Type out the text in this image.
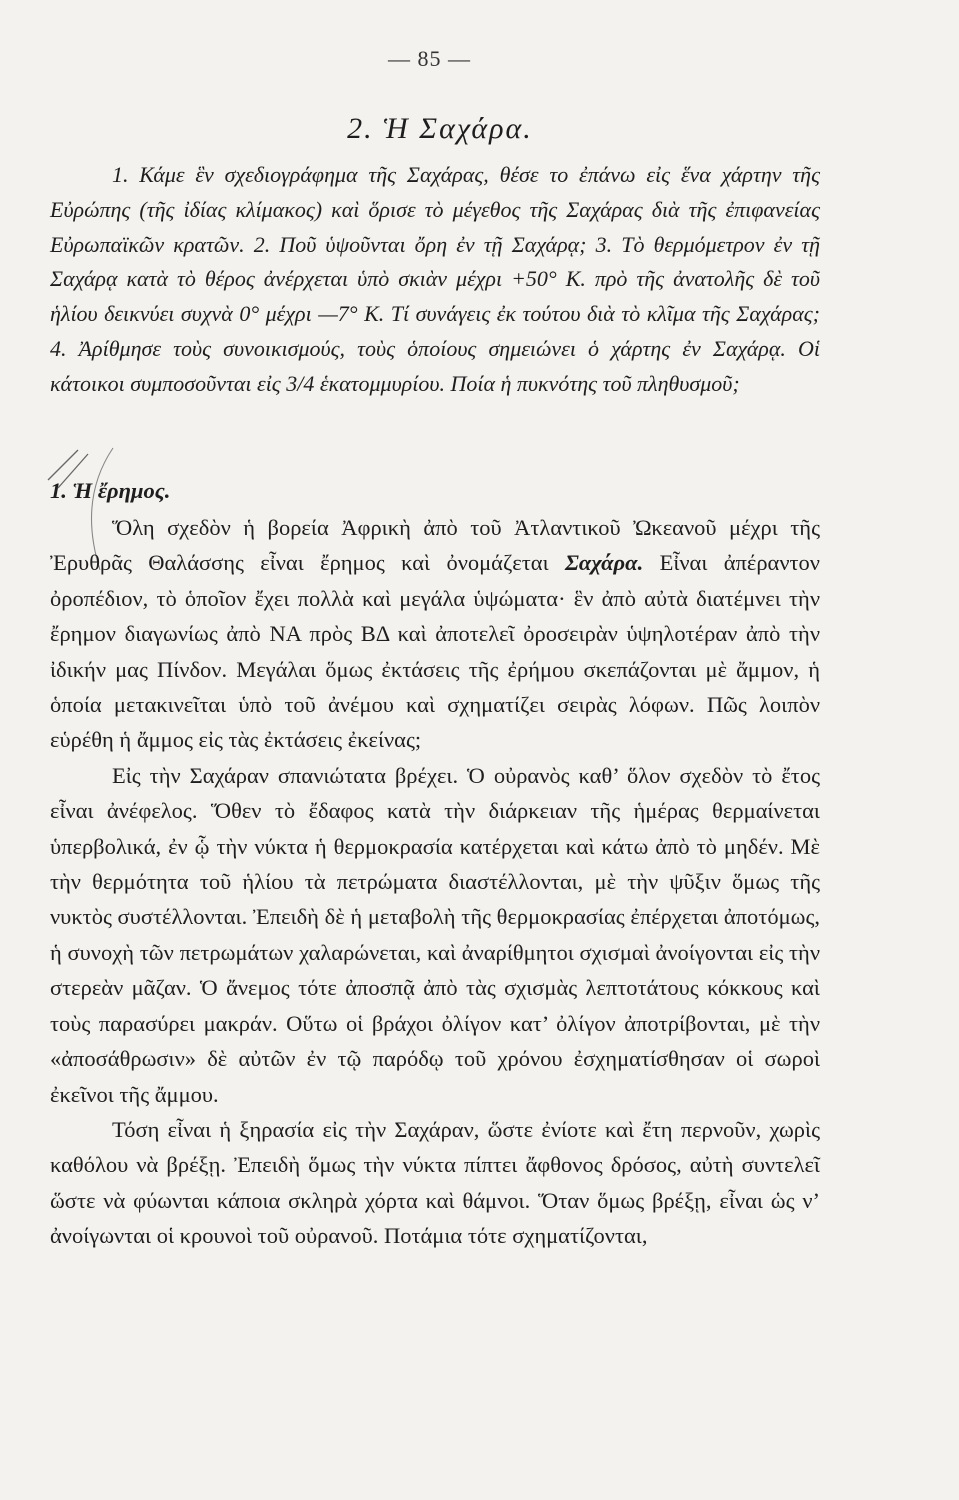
— 85 —
2. Ἡ Σαχάρα.

1. Κάμε ἓν σχεδιογράφημα τῆς Σαχάρας, θέσε το ἐπάνω εἰς ἕνα χάρτην τῆς Εὐρώπης (τῆς ἰδίας κλίμακος) καὶ ὅρισε τὸ μέγεθος τῆς Σαχάρας διὰ τῆς ἐπιφανείας Εὐρωπαϊκῶν κρατῶν. 2. Ποῦ ὑψοῦνται ὄρη ἐν τῇ Σαχάρᾳ; 3. Τὸ θερμόμετρον ἐν τῇ Σαχάρᾳ κατὰ τὸ θέρος ἀνέρχεται ὑπὸ σκιὰν μέχρι +50° Κ. πρὸ τῆς ἀνατολῆς δὲ τοῦ ἡλίου δεικνύει συχνὰ 0° μέχρι —7° Κ. Τί συνάγεις ἐκ τούτου διὰ τὸ κλῖμα τῆς Σαχάρας; 4. Ἀρίθμησε τοὺς συνοικισμούς, τοὺς ὁποίους σημειώνει ὁ χάρτης ἐν Σαχάρᾳ. Οἱ κάτοικοι συμποσοῦνται εἰς 3/4 ἑκατομμυρίου. Ποία ἡ πυκνότης τοῦ πληθυσμοῦ;

1. Ἡ ἔρημος.

Ὅλη σχεδὸν ἡ βορεία Ἀφρικὴ ἀπὸ τοῦ Ἀτλαντικοῦ Ὠκεανοῦ μέχρι τῆς Ἐρυθρᾶς Θαλάσσης εἶναι ἔρημος καὶ ὀνομάζεται Σαχάρα. Εἶναι ἀπέραντον ὀροπέδιον, τὸ ὁποῖον ἔχει πολλὰ καὶ μεγάλα ὑψώματα· ἓν ἀπὸ αὐτὰ διατέμνει τὴν ἔρημον διαγωνίως ἀπὸ ΝΑ πρὸς ΒΔ καὶ ἀποτελεῖ ὀροσειρὰν ὑψηλοτέραν ἀπὸ τὴν ἰδικήν μας Πίνδον. Μεγάλαι ὅμως ἐκτάσεις τῆς ἐρήμου σκεπάζονται μὲ ἄμμον, ἡ ὁποία μετακινεῖται ὑπὸ τοῦ ἀνέμου καὶ σχηματίζει σειρὰς λόφων. Πῶς λοιπὸν εὑρέθη ἡ ἄμμος εἰς τὰς ἐκτάσεις ἐκείνας;

Εἰς τὴν Σαχάραν σπανιώτατα βρέχει. Ὁ οὐρανὸς καθ’ ὅλον σχεδὸν τὸ ἔτος εἶναι ἀνέφελος. Ὅθεν τὸ ἔδαφος κατὰ τὴν διάρκειαν τῆς ἡμέρας θερμαίνεται ὑπερβολικά, ἐν ᾧ τὴν νύκτα ἡ θερμοκρασία κατέρχεται καὶ κάτω ἀπὸ τὸ μηδέν. Μὲ τὴν θερμότητα τοῦ ἡλίου τὰ πετρώματα διαστέλλονται, μὲ τὴν ψῦξιν ὅμως τῆς νυκτὸς συστέλλονται. Ἐπειδὴ δὲ ἡ μεταβολὴ τῆς θερμοκρασίας ἐπέρχεται ἀποτόμως, ἡ συνοχὴ τῶν πετρωμάτων χαλαρώνεται, καὶ ἀναρίθμητοι σχισμαὶ ἀνοίγονται εἰς τὴν στερεὰν μᾶζαν. Ὁ ἄνεμος τότε ἀποσπᾷ ἀπὸ τὰς σχισμὰς λεπτοτάτους κόκκους καὶ τοὺς παρασύρει μακράν. Οὕτω οἱ βράχοι ὀλίγον κατ’ ὀλίγον ἀποτρίβονται, μὲ τὴν «ἀποσάθρωσιν» δὲ αὐτῶν ἐν τῷ παρόδῳ τοῦ χρόνου ἐσχηματίσθησαν οἱ σωροὶ ἐκεῖνοι τῆς ἄμμου.

Τόση εἶναι ἡ ξηρασία εἰς τὴν Σαχάραν, ὥστε ἐνίοτε καὶ ἔτη περνοῦν, χωρὶς καθόλου νὰ βρέξῃ. Ἐπειδὴ ὅμως τὴν νύκτα πίπτει ἄφθονος δρόσος, αὐτὴ συντελεῖ ὥστε νὰ φύωνται κάποια σκληρὰ χόρτα καὶ θάμνοι. Ὅταν ὅμως βρέξῃ, εἶναι ὡς ν’ ἀνοίγωνται οἱ κρουνοὶ τοῦ οὐρανοῦ. Ποτάμια τότε σχηματίζονται,
